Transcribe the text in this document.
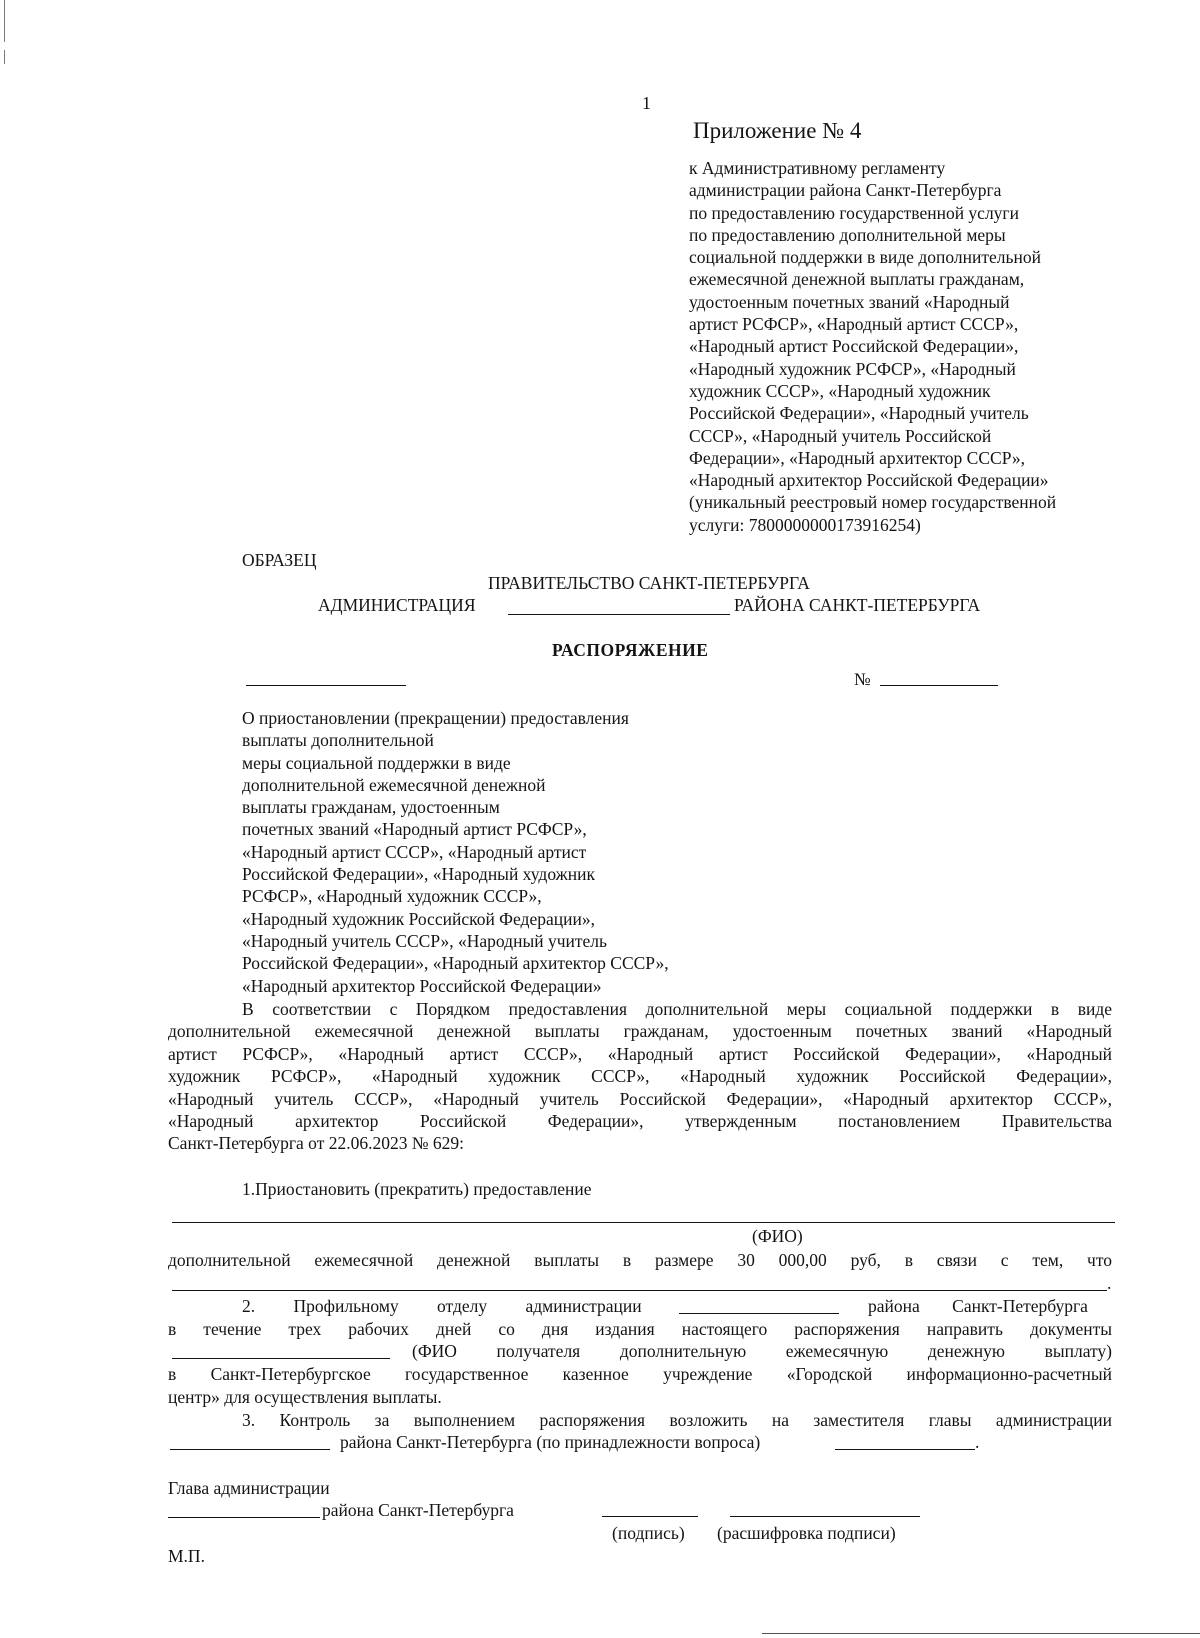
1
Приложение № 4
к Административному регламенту
администрации района Санкт-Петербурга
по предоставлению государственной услуги
по предоставлению дополнительной меры
социальной поддержки в виде дополнительной
ежемесячной денежной выплаты гражданам,
удостоенным почетных званий «Народный
артист РСФСР», «Народный артист СССР»,
«Народный артист Российской Федерации»,
«Народный художник РСФСР», «Народный
художник СССР», «Народный художник
Российской Федерации», «Народный учитель
СССР», «Народный учитель Российской
Федерации», «Народный архитектор СССР»,
«Народный архитектор Российской Федерации»
(уникальный реестровый номер государственной
услуги: 7800000000173916254)
ОБРАЗЕЦ
ПРАВИТЕЛЬСТВО САНКТ-ПЕТЕРБУРГА
АДМИНИСТРАЦИЯ	РАЙОНА САНКТ-ПЕТЕРБУРГА
РАСПОРЯЖЕНИЕ
№
О приостановлении (прекращении) предоставления
выплаты дополнительной
меры социальной поддержки в виде
дополнительной ежемесячной денежной
выплаты гражданам, удостоенным
почетных званий «Народный артист РСФСР»,
«Народный артист СССР», «Народный артист
Российской Федерации», «Народный художник
РСФСР», «Народный художник СССР»,
«Народный художник Российской Федерации»,
«Народный учитель СССР», «Народный учитель
Российской Федерации», «Народный архитектор СССР»,
«Народный архитектор Российской Федерации»
В соответствии с Порядком предоставления дополнительной меры социальной поддержки в виде
дополнительной ежемесячной денежной выплаты гражданам, удостоенным почетных званий «Народный
артист РСФСР», «Народный артист СССР», «Народный артист Российской Федерации», «Народный
художник РСФСР», «Народный художник СССР», «Народный художник Российской Федерации»,
«Народный учитель СССР», «Народный учитель Российской Федерации», «Народный архитектор СССР»,
«Народный архитектор Российской Федерации», утвержденным постановлением Правительства
Санкт-Петербурга от 22.06.2023 № 629:
1.Приостановить (прекратить) предоставление
(ФИО)
дополнительной ежемесячной денежной выплаты в размере 30 000,00 руб, в связи с тем, что
.
2. Профильному отделу администрации	района Санкт-Петербурга
в течение трех рабочих дней со дня издания настоящего распоряжения направить документы
(ФИО получателя дополнительную ежемесячную денежную выплату)
в Санкт-Петербургское государственное казенное учреждение «Городской информационно-расчетный
центр» для осуществления выплаты.
3. Контроль за выполнением распоряжения возложить на заместителя главы администрации
района Санкт-Петербурга (по принадлежности вопроса)	.
Глава администрации
района Санкт-Петербурга
(подпись) (расшифровка подписи)
М.П.
